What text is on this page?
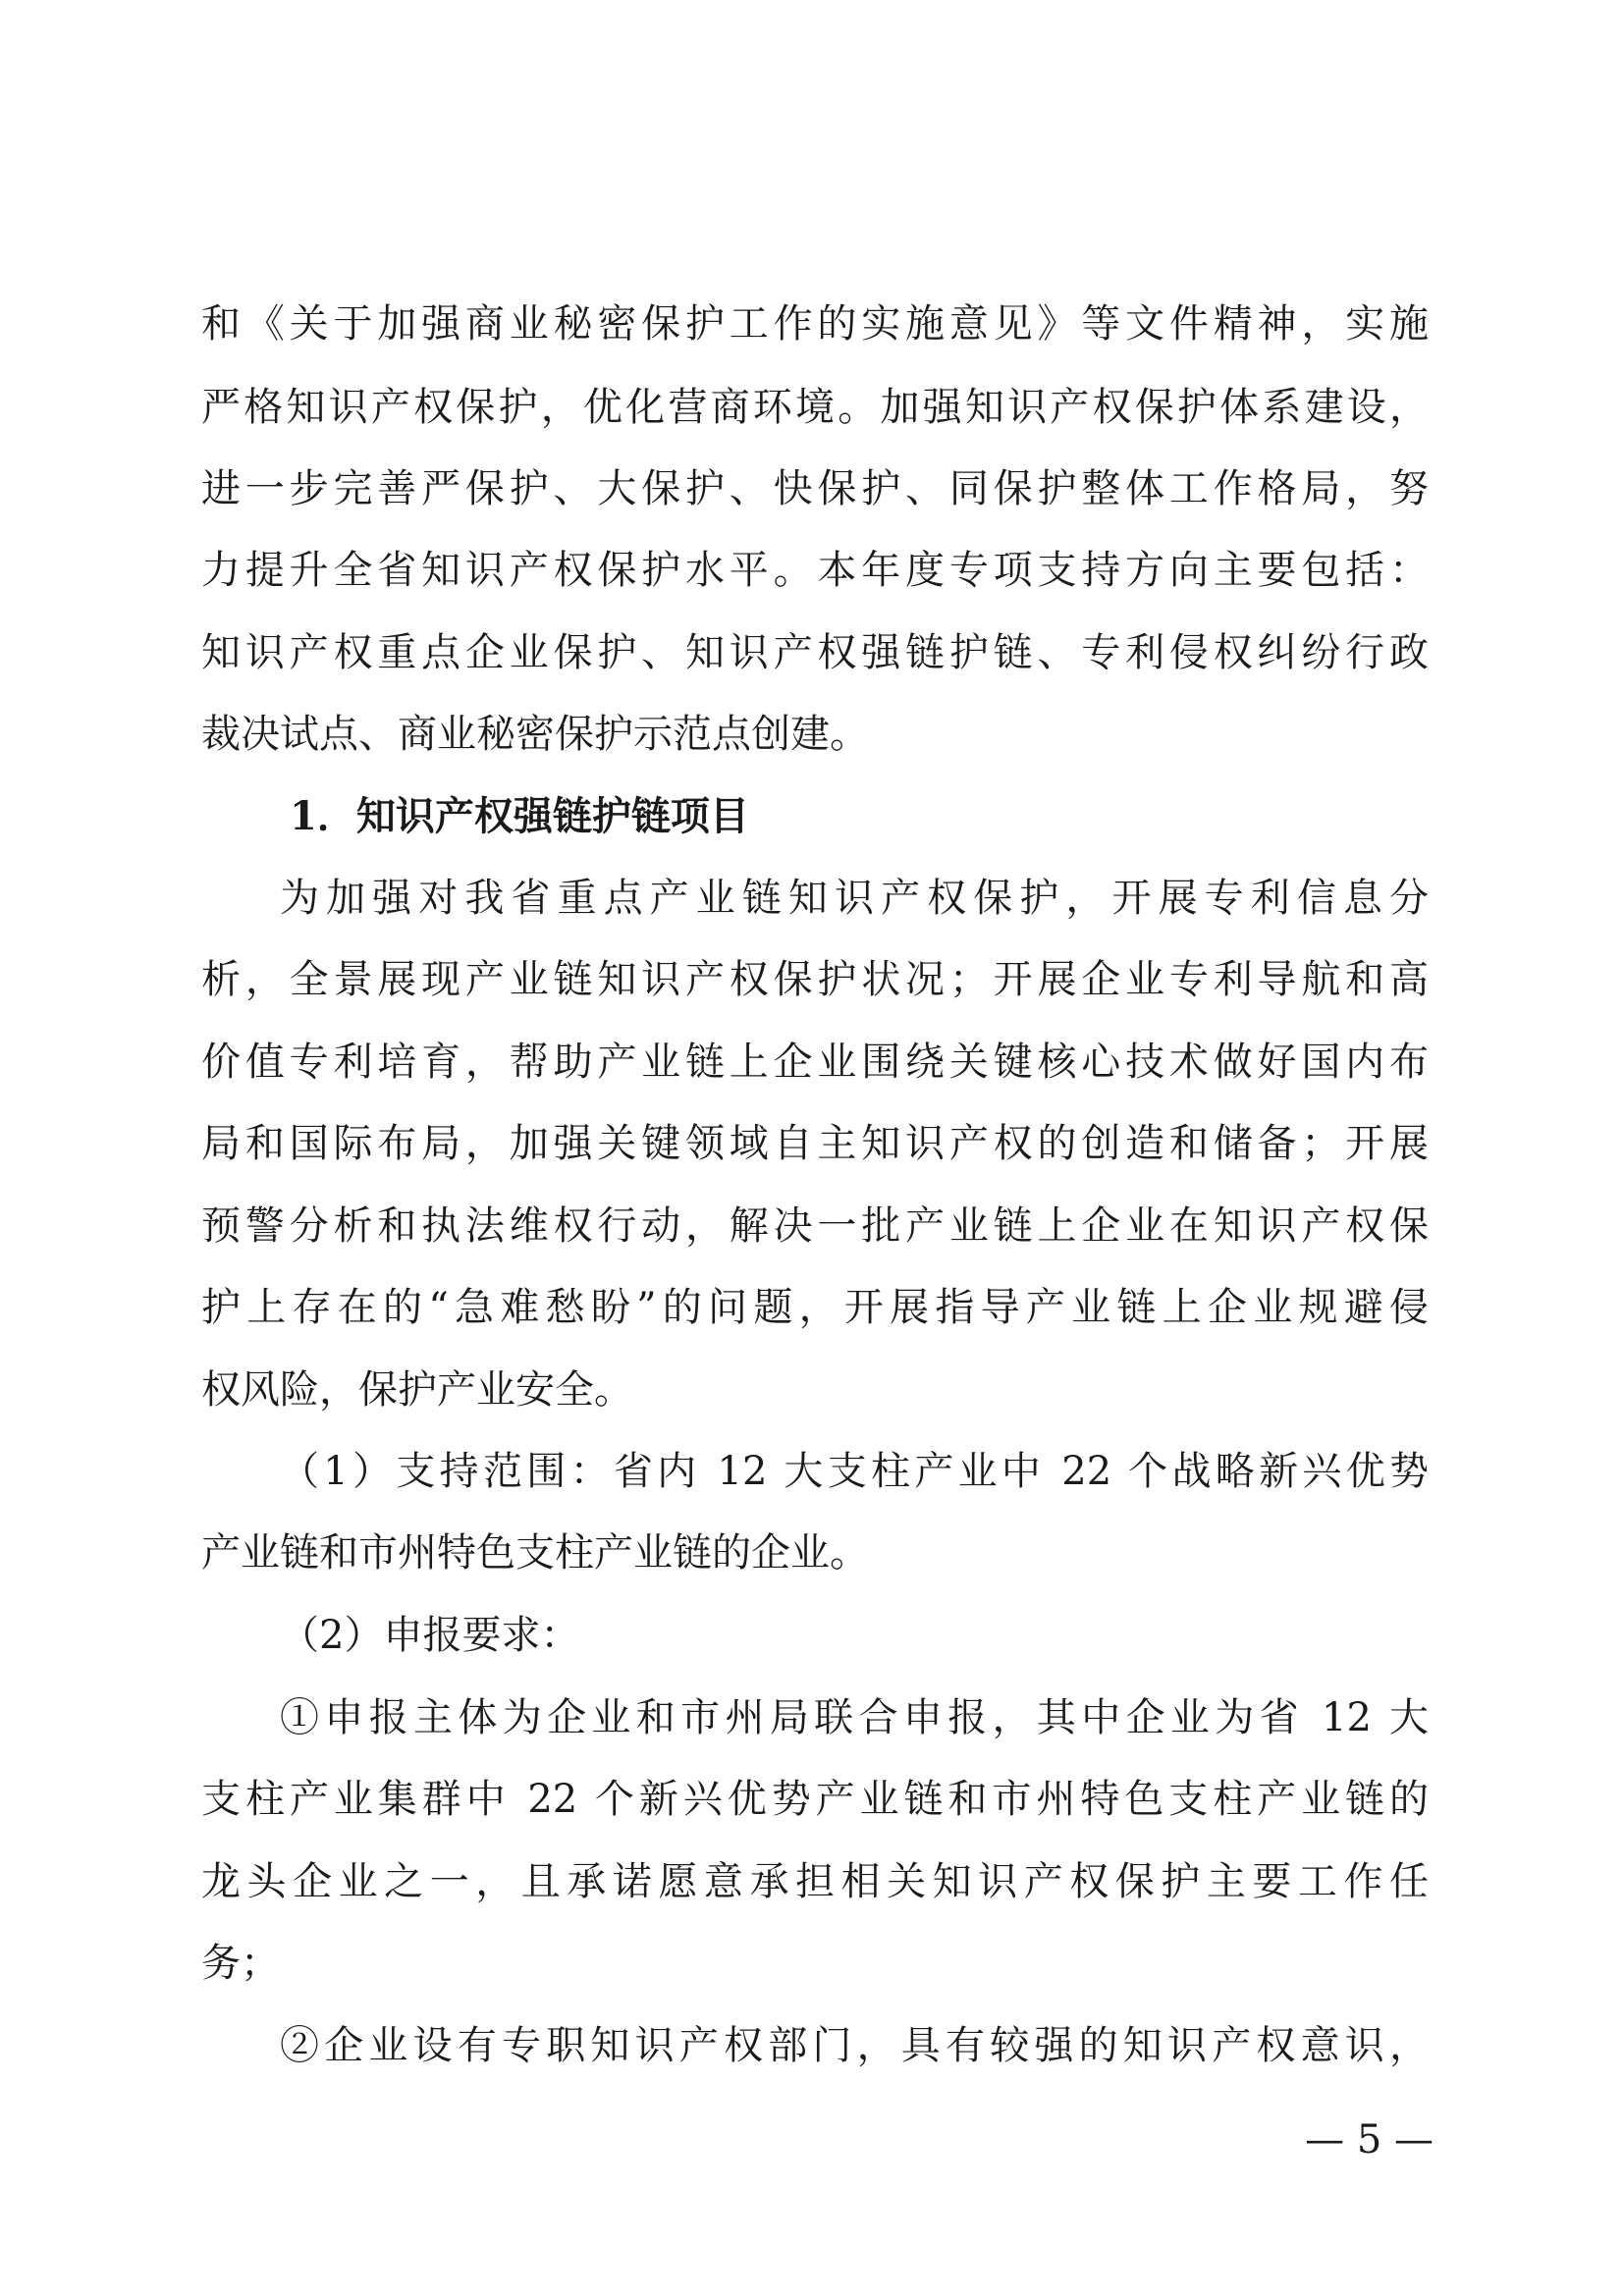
和《关于加强商业秘密保护工作的实施意见》等文件精神，实施
严格知识产权保护，优化营商环境。加强知识产权保护体系建设，
进一步完善严保护、大保护、快保护、同保护整体工作格局，努
力提升全省知识产权保护水平。本年度专项支持方向主要包括：
知识产权重点企业保护、知识产权强链护链、专利侵权纠纷行政
裁决试点、商业秘密保护示范点创建。
1．知识产权强链护链项目
为加强对我省重点产业链知识产权保护，开展专利信息分
析，全景展现产业链知识产权保护状况；开展企业专利导航和高
价值专利培育，帮助产业链上企业围绕关键核心技术做好国内布
局和国际布局，加强关键领域自主知识产权的创造和储备；开展
预警分析和执法维权行动，解决一批产业链上企业在知识产权保
护上存在的“急难愁盼”的问题，开展指导产业链上企业规避侵
权风险，保护产业安全。
（1）支持范围：省内 12 大支柱产业中 22 个战略新兴优势
产业链和市州特色支柱产业链的企业。
（2）申报要求：
①申报主体为企业和市州局联合申报，其中企业为省 12 大
支柱产业集群中 22 个新兴优势产业链和市州特色支柱产业链的
龙头企业之一，且承诺愿意承担相关知识产权保护主要工作任
务；
②企业设有专职知识产权部门，具有较强的知识产权意识，
— 5 —
